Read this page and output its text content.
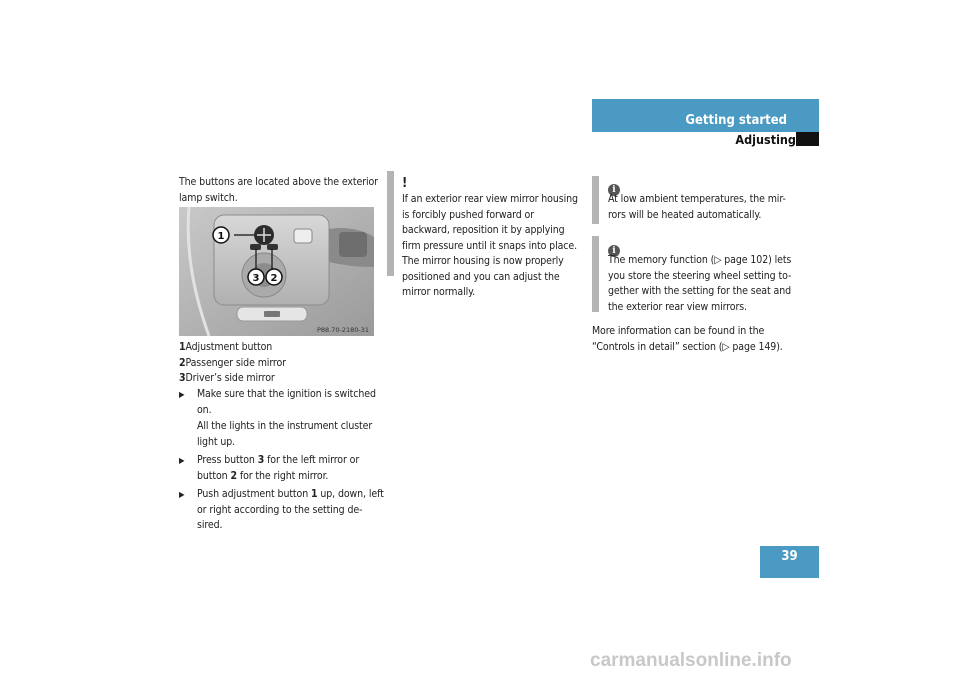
Getting started
Adjusting
The buttons are located above the exterior lamp switch.
1
3 2
P88.70-2180-31
1Adjustment button
2Passenger side mirror
3Driver’s side mirror
▶ Make sure that the ignition is switched on.
All the lights in the instrument cluster light up.
▶ Press button 3 for the left mirror or button 2 for the right mirror.
▶ Push adjustment button 1 up, down, left or right according to the setting de-sired.
!
If an exterior rear view mirror housing is forcibly pushed forward or backward, reposition it by applying firm pressure until it snaps into place. The mirror housing is now properly positioned and you can adjust the mirror normally.
i
At low ambient temperatures, the mir-rors will be heated automatically.
i
The memory function (▷ page 102) lets you store the steering wheel setting to-gether with the setting for the seat and the exterior rear view mirrors.
More information can be found in the “Controls in detail” section (▷ page 149).
39
carmanualsonline.info
